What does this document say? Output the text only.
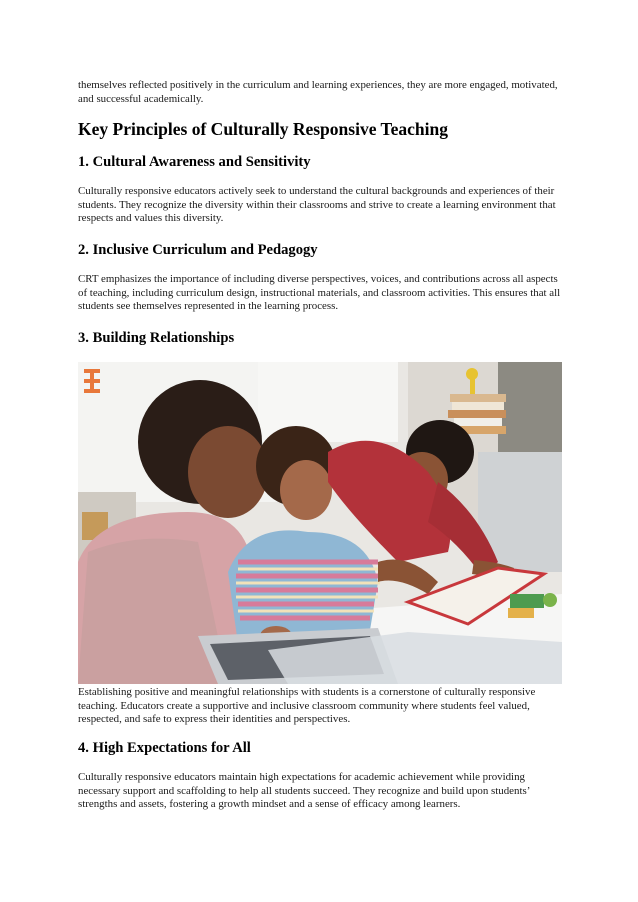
themselves reflected positively in the curriculum and learning experiences, they are more engaged, motivated, and successful academically.

Key Principles of Culturally Responsive Teaching
1. Cultural Awareness and Sensitivity

Culturally responsive educators actively seek to understand the cultural backgrounds and experiences of their students. They recognize the diversity within their classrooms and strive to create a learning environment that respects and values this diversity.

2. Inclusive Curriculum and Pedagogy

CRT emphasizes the importance of including diverse perspectives, voices, and contributions across all aspects of teaching, including curriculum design, instructional materials, and classroom activities. This ensures that all students see themselves represented in the learning process.

3. Building Relationships

Establishing positive and meaningful relationships with students is a cornerstone of culturally responsive teaching. Educators create a supportive and inclusive classroom community where students feel valued, respected, and safe to express their identities and perspectives.

4. High Expectations for All

Culturally responsive educators maintain high expectations for academic achievement while providing necessary support and scaffolding to help all students succeed. They recognize and build upon students’ strengths and assets, fostering a growth mindset and a sense of efficacy among learners.
